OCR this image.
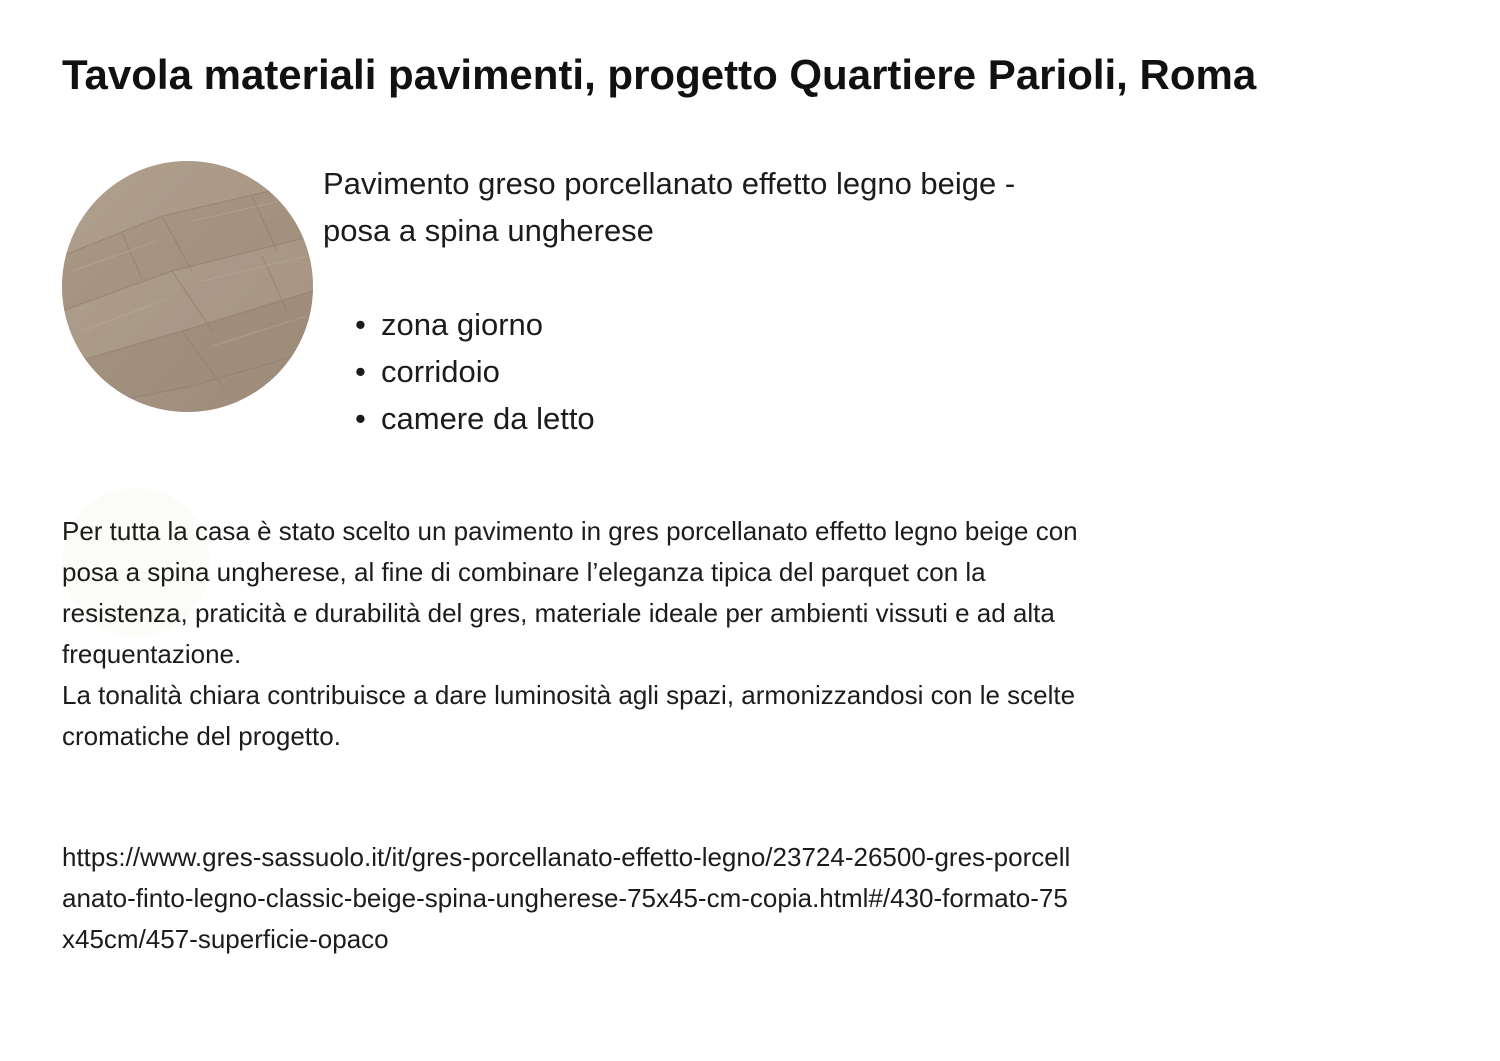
Tavola materiali pavimenti, progetto Quartiere Parioli, Roma

Pavimento greso porcellanato effetto legno beige - posa a spina ungherese

• zona giorno
• corridoio
• camere da letto

Per tutta la casa è stato scelto un pavimento in gres porcellanato effetto legno beige con posa a spina ungherese, al fine di combinare l’eleganza tipica del parquet con la resistenza, praticità e durabilità del gres, materiale ideale per ambienti vissuti e ad alta frequentazione.
La tonalità chiara contribuisce a dare luminosità agli spazi, armonizzandosi con le scelte cromatiche del progetto.

https://www.gres-sassuolo.it/it/gres-porcellanato-effetto-legno/23724-26500-gres-porcellanato-finto-legno-classic-beige-spina-ungherese-75x45-cm-copia.html#/430-formato-75x45cm/457-superficie-opaco
